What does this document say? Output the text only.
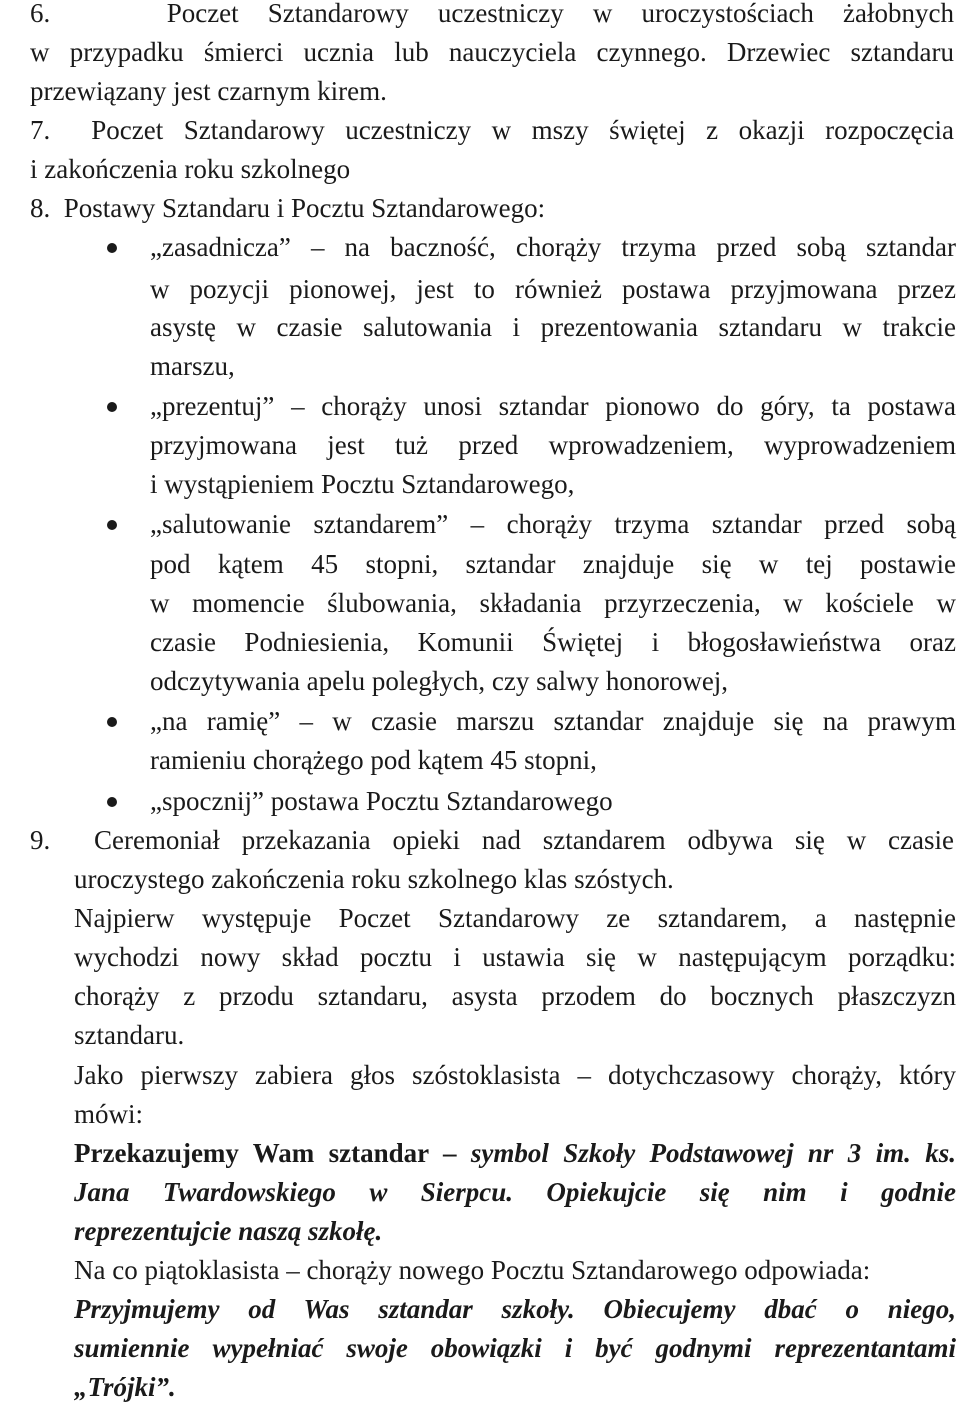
6.    Poczet Sztandarowy uczestniczy w uroczystościach żałobnych
w przypadku śmierci ucznia lub nauczyciela czynnego. Drzewiec sztandaru
przewiązany jest czarnym kirem.
7.  Poczet Sztandarowy uczestniczy w mszy świętej z okazji rozpoczęcia
i zakończenia roku szkolnego
8.  Postawy Sztandaru i Pocztu Sztandarowego:
„zasadnicza” – na baczność, chorąży trzyma przed sobą sztandar
w pozycji pionowej, jest to również postawa przyjmowana przez
asystę w czasie salutowania i prezentowania sztandaru w trakcie
marszu,
„prezentuj” – chorąży unosi sztandar pionowo do góry, ta postawa
przyjmowana jest tuż przed wprowadzeniem, wyprowadzeniem
i wystąpieniem Pocztu Sztandarowego,
„salutowanie sztandarem” – chorąży trzyma sztandar przed sobą
pod kątem 45 stopni, sztandar znajduje się w tej postawie
w momencie ślubowania, składania przyrzeczenia, w kościele w
czasie Podniesienia, Komunii Świętej i błogosławieństwa oraz
odczytywania apelu poległych, czy salwy honorowej,
„na ramię” – w czasie marszu sztandar znajduje się na prawym
ramieniu chorążego pod kątem 45 stopni,
„spocznij” postawa Pocztu Sztandarowego
9.  Ceremoniał przekazania opieki nad sztandarem odbywa się w czasie
uroczystego zakończenia roku szkolnego klas szóstych.
Najpierw występuje Poczet Sztandarowy ze sztandarem, a następnie
wychodzi nowy skład pocztu i ustawia się w następującym porządku:
chorąży z przodu sztandaru, asysta przodem do bocznych płaszczyzn
sztandaru.
Jako pierwszy zabiera głos szóstoklasista – dotychczasowy chorąży, który
mówi:
Przekazujemy Wam sztandar – symbol Szkoły Podstawowej nr 3 im. ks.
Jana Twardowskiego w Sierpcu. Opiekujcie się nim i godnie
reprezentujcie naszą szkołę.
Na co piątoklasista – chorąży nowego Pocztu Sztandarowego odpowiada:
Przyjmujemy od Was sztandar szkoły. Obiecujemy dbać o niego,
sumiennie wypełniać swoje obowiązki i być godnymi reprezentantami
„Trójki”.
